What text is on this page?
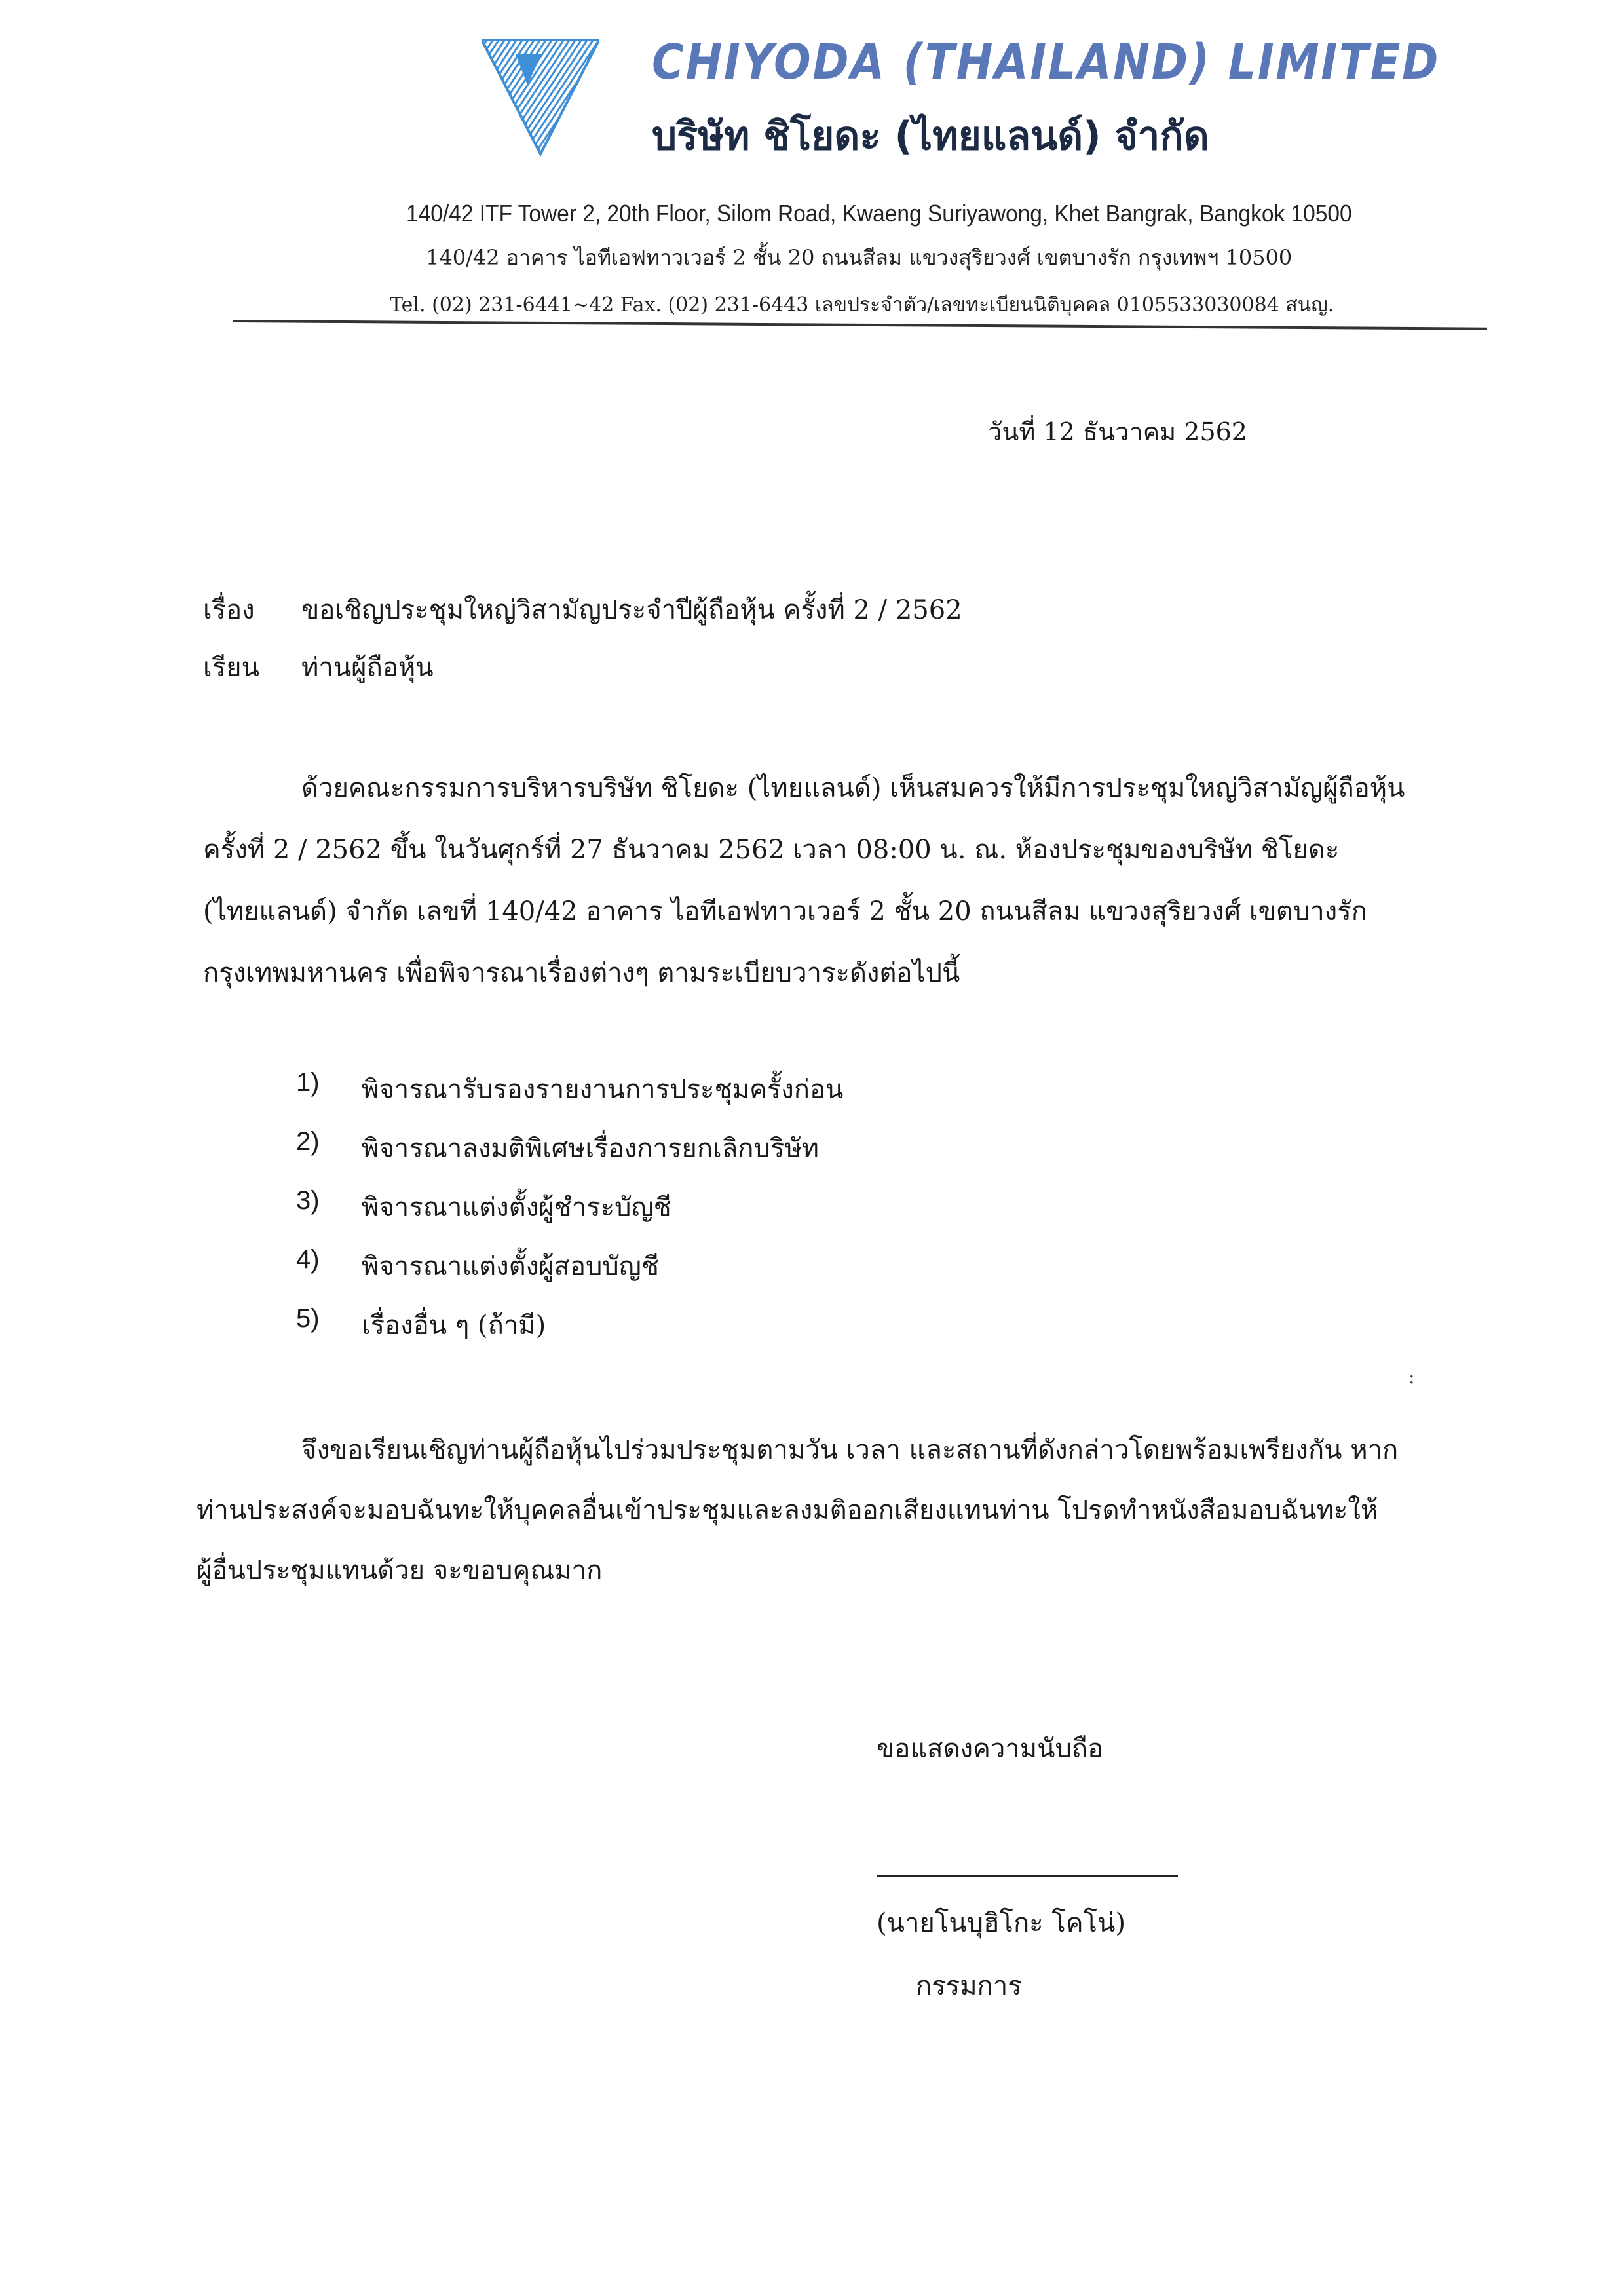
CHIYODA (THAILAND) LIMITED
บริษัท ชิโยดะ (ไทยแลนด์) จำกัด
140/42 ITF Tower 2, 20th Floor, Silom Road, Kwaeng Suriyawong, Khet Bangrak, Bangkok 10500
140/42 อาคาร ไอทีเอฟทาวเวอร์ 2 ชั้น 20 ถนนสีลม แขวงสุริยวงศ์ เขตบางรัก กรุงเทพฯ 10500
Tel. (02) 231-6441~42 Fax. (02) 231-6443 เลขประจำตัว/เลขทะเบียนนิติบุคคล 0105533030084 สนญ.
วันที่ 12 ธันวาคม 2562
เรื่อง ขอเชิญประชุมใหญ่วิสามัญประจำปีผู้ถือหุ้น ครั้งที่ 2 / 2562
เรียน ท่านผู้ถือหุ้น
ด้วยคณะกรรมการบริหารบริษัท ชิโยดะ (ไทยแลนด์) เห็นสมควรให้มีการประชุมใหญ่วิสามัญผู้ถือหุ้น
ครั้งที่ 2 / 2562 ขึ้น ในวันศุกร์ที่ 27 ธันวาคม 2562 เวลา 08:00 น. ณ. ห้องประชุมของบริษัท ชิโยดะ
(ไทยแลนด์) จำกัด เลขที่ 140/42 อาคาร ไอทีเอฟทาวเวอร์ 2 ชั้น 20 ถนนสีลม แขวงสุริยวงศ์ เขตบางรัก
กรุงเทพมหานคร เพื่อพิจารณาเรื่องต่างๆ ตามระเบียบวาระดังต่อไปนี้
1) พิจารณารับรองรายงานการประชุมครั้งก่อน
2) พิจารณาลงมติพิเศษเรื่องการยกเลิกบริษัท
3) พิจารณาแต่งตั้งผู้ชำระบัญชี
4) พิจารณาแต่งตั้งผู้สอบบัญชี
5) เรื่องอื่น ๆ (ถ้ามี)
:
จึงขอเรียนเชิญท่านผู้ถือหุ้นไปร่วมประชุมตามวัน เวลา และสถานที่ดังกล่าวโดยพร้อมเพรียงกัน หาก
ท่านประสงค์จะมอบฉันทะให้บุคคลอื่นเข้าประชุมและลงมติออกเสียงแทนท่าน โปรดทำหนังสือมอบฉันทะให้
ผู้อื่นประชุมแทนด้วย จะขอบคุณมาก
ขอแสดงความนับถือ
(นายโนบุฮิโกะ โคโน่)
กรรมการ
